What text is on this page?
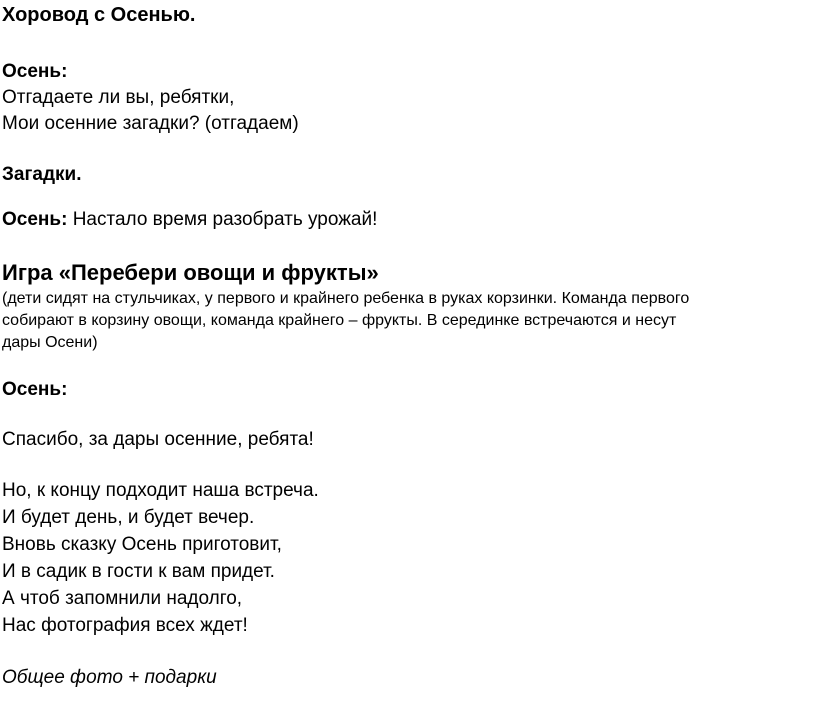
Хоровод с Осенью.
Осень:
Отгадаете ли вы, ребятки,
Мои осенние загадки? (отгадаем)
Загадки.
Осень: Настало время разобрать урожай!
Игра «Перебери овощи и фрукты»
(дети сидят на стульчиках, у первого и крайнего ребенка в руках корзинки. Команда первого
собирают в корзину овощи, команда крайнего – фрукты. В серединке встречаются и несут
дары Осени)
Осень:
Спасибо, за дары осенние, ребята!
Но, к концу подходит наша встреча.
И будет день, и будет вечер.
Вновь сказку Осень приготовит,
И в садик в гости к вам придет.
А чтоб запомнили надолго,
Нас фотография всех ждет!
Общее фото + подарки
